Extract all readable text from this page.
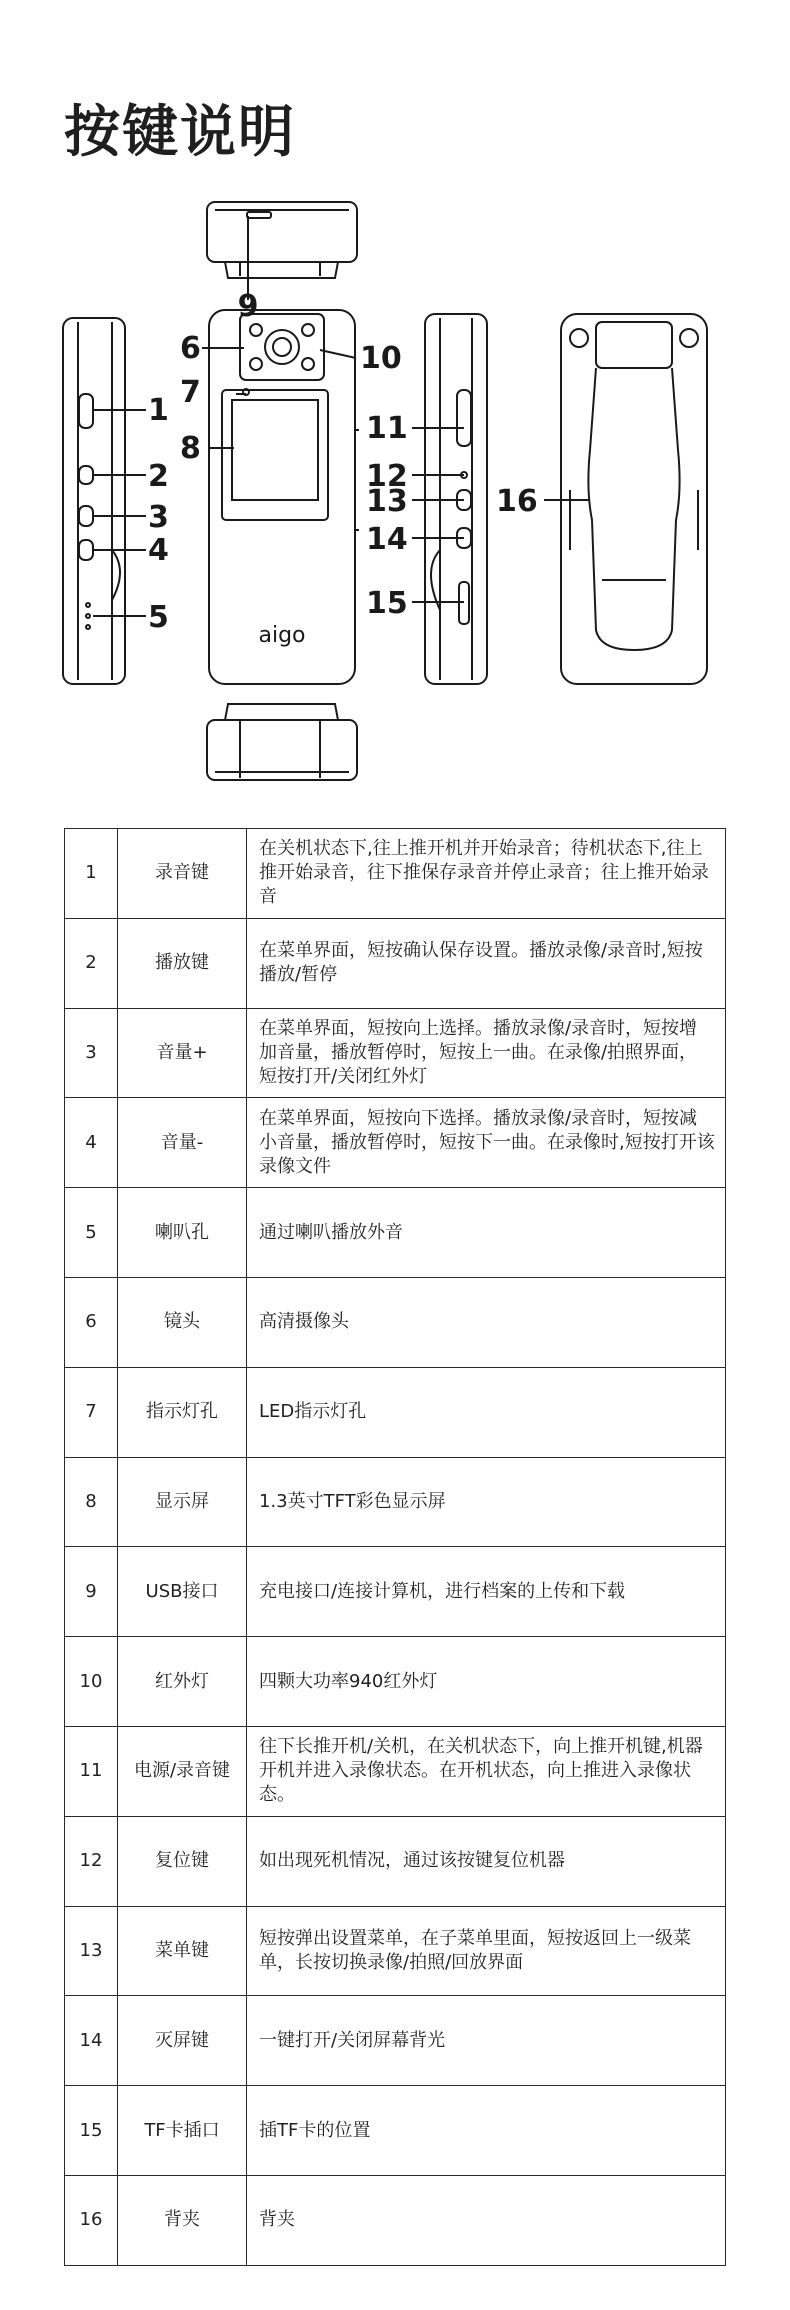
按键说明
aigo
9
6	10
7
8
1
2
3
4
5
11
12
13
14
15
16
1	录音键	在关机状态下,往上推开机并开始录音；待机状态下,往上推开始录音，往下推保存录音并停止录音；往上推开始录音
2	播放键	在菜单界面，短按确认保存设置。播放录像/录音时,短按播放/暂停
3	音量+	在菜单界面，短按向上选择。播放录像/录音时，短按增加音量，播放暂停时，短按上一曲。在录像/拍照界面，短按打开/关闭红外灯
4	音量-	在菜单界面，短按向下选择。播放录像/录音时，短按减小音量，播放暂停时，短按下一曲。在录像时,短按打开该录像文件
5	喇叭孔	通过喇叭播放外音
6	镜头	高清摄像头
7	指示灯孔	LED指示灯孔
8	显示屏	1.3英寸TFT彩色显示屏
9	USB接口	充电接口/连接计算机，进行档案的上传和下载
10	红外灯	四颗大功率940红外灯
11	电源/录音键	往下长推开机/关机，在关机状态下，向上推开机键,机器开机并进入录像状态。在开机状态，向上推进入录像状态。
12	复位键	如出现死机情况，通过该按键复位机器
13	菜单键	短按弹出设置菜单，在子菜单里面，短按返回上一级菜单，长按切换录像/拍照/回放界面
14	灭屏键	一键打开/关闭屏幕背光
15	TF卡插口	插TF卡的位置
16	背夹	背夹
